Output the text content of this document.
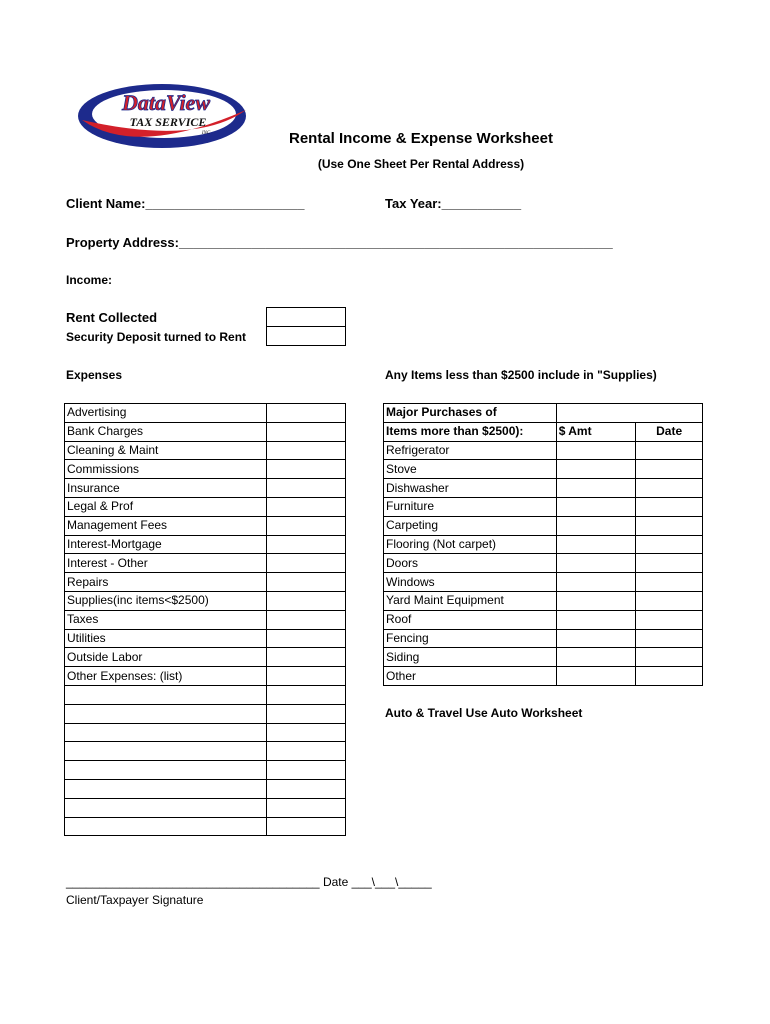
DataView
TAX SERVICE
INC	Rental Income & Expense Worksheet
(Use One Sheet Per Rental Address)
Client Name:______________________	Tax Year:___________
Property Address:____________________________________________________________
Income:
Rent Collected
Security Deposit turned to Rent

Expenses	Any Items less than $2500 include in "Supplies)
Advertising	
Bank Charges	
Cleaning & Maint	
Commissions	
Insurance	
Legal & Prof	
Management Fees	
Interest-Mortgage	
Interest - Other	
Repairs	
Supplies(inc items<$2500)	
Taxes	
Utilities	
Outside Labor	
Other Expenses: (list)	

Major Purchases of		
Items more than $2500):	$ Amt	Date
Refrigerator		
Stove		
Dishwasher		
Furniture		
Carpeting		
Flooring (Not carpet)		
Doors		
Windows		
Yard Maint Equipment		
Roof		
Fencing		
Siding		
Other		
Auto & Travel Use Auto Worksheet
______________________________________ Date ___\___\_____
Client/Taxpayer Signature
